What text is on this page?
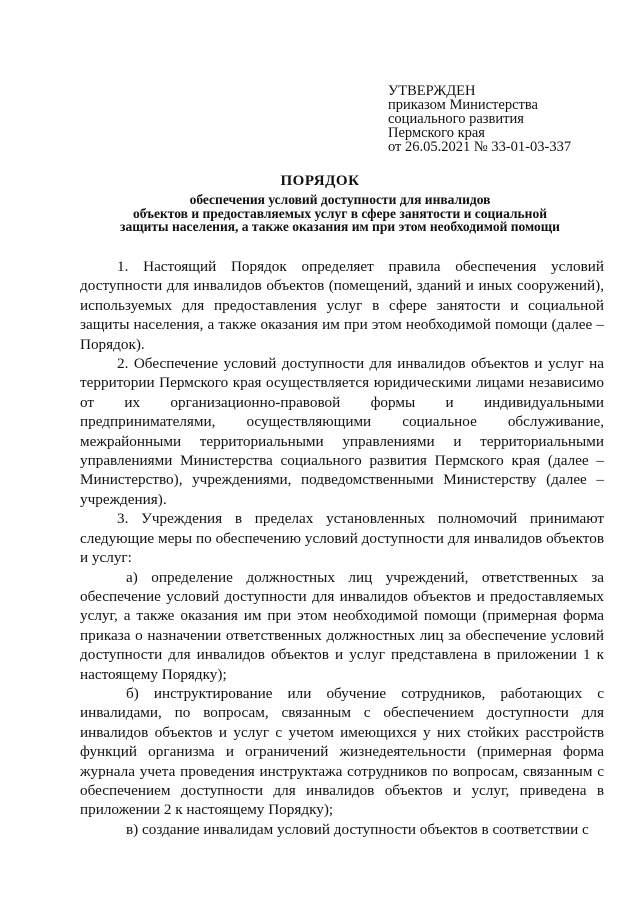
УТВЕРЖДЕН
приказом Министерства
социального развития
Пермского края
от 26.05.2021 № 33-01-03-337
ПОРЯДОК
обеспечения условий доступности для инвалидов
объектов и предоставляемых услуг в сфере занятости и социальной
защиты населения, а также оказания им при этом необходимой помощи

1. Настоящий Порядок определяет правила обеспечения условий доступности для инвалидов объектов (помещений, зданий и иных сооружений), используемых для предоставления услуг в сфере занятости и социальной защиты населения, а также оказания им при этом необходимой помощи (далее – Порядок).

2. Обеспечение условий доступности для инвалидов объектов и услуг на территории Пермского края осуществляется юридическими лицами независимо от их организационно-правовой формы и индивидуальными предпринимателями, осуществляющими социальное обслуживание, межрайонными территориальными управлениями и территориальными управлениями Министерства социального развития Пермского края (далее – Министерство), учреждениями, подведомственными Министерству (далее – учреждения).

3. Учреждения в пределах установленных полномочий принимают следующие меры по обеспечению условий доступности для инвалидов объектов и услуг:

а) определение должностных лиц учреждений, ответственных за обеспечение условий доступности для инвалидов объектов и предоставляемых услуг, а также оказания им при этом необходимой помощи (примерная форма приказа о назначении ответственных должностных лиц за обеспечение условий доступности для инвалидов объектов и услуг представлена в приложении 1 к настоящему Порядку);

б) инструктирование или обучение сотрудников, работающих с инвалидами, по вопросам, связанным с обеспечением доступности для инвалидов объектов и услуг с учетом имеющихся у них стойких расстройств функций организма и ограничений жизнедеятельности (примерная форма журнала учета проведения инструктажа сотрудников по вопросам, связанным с обеспечением доступности для инвалидов объектов и услуг, приведена в приложении 2 к настоящему Порядку);

в) создание инвалидам условий доступности объектов в соответствии с
